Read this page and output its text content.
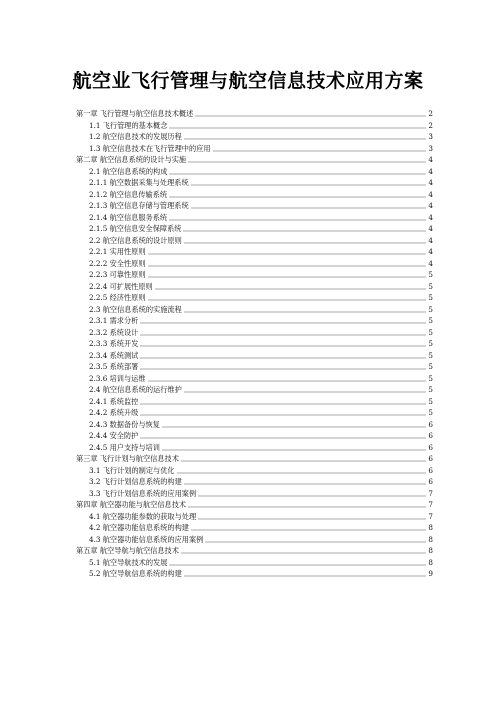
航空业飞行管理与航空信息技术应用方案
第一章 飞行管理与航空信息技术概述	2
1.1 飞行管理的基本概念	2
1.2 航空信息技术的发展历程	3
1.3 航空信息技术在飞行管理中的应用	3
第二章 航空信息系统的设计与实施	4
2.1 航空信息系统的构成	4
2.1.1 航空数据采集与处理系统	4
2.1.2 航空信息传输系统	4
2.1.3 航空信息存储与管理系统	4
2.1.4 航空信息服务系统	4
2.1.5 航空信息安全保障系统	4
2.2 航空信息系统的设计原则	4
2.2.1 实用性原则	4
2.2.2 安全性原则	4
2.2.3 可靠性原则	5
2.2.4 可扩展性原则	5
2.2.5 经济性原则	5
2.3 航空信息系统的实施流程	5
2.3.1 需求分析	5
2.3.2 系统设计	5
2.3.3 系统开发	5
2.3.4 系统测试	5
2.3.5 系统部署	5
2.3.6 培训与运维	5
2.4 航空信息系统的运行维护	5
2.4.1 系统监控	5
2.4.2 系统升级	5
2.4.3 数据备份与恢复	6
2.4.4 安全防护	6
2.4.5 用户支持与培训	6
第三章 飞行计划与航空信息技术	6
3.1 飞行计划的制定与优化	6
3.2 飞行计划信息系统的构建	6
3.3 飞行计划信息系统的应用案例	7
第四章 航空器功能与航空信息技术	7
4.1 航空器功能参数的获取与处理	7
4.2 航空器功能信息系统的构建	8
4.3 航空器功能信息系统的应用案例	8
第五章 航空导航与航空信息技术	8
5.1 航空导航技术的发展	8
5.2 航空导航信息系统的构建	9
